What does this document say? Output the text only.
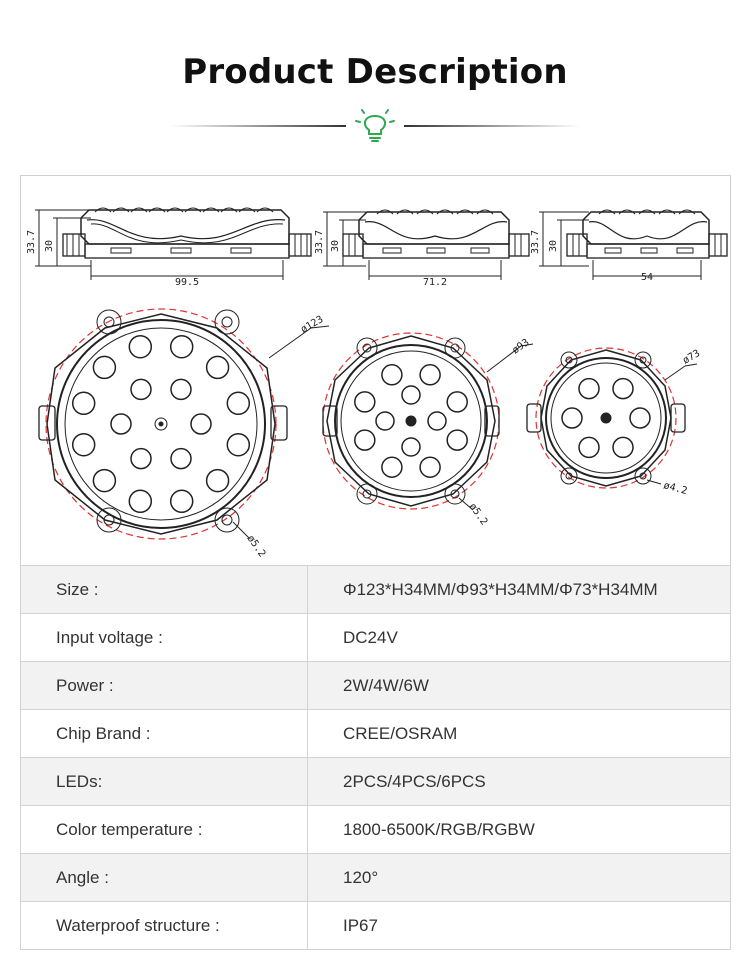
Product Description
33.7 30
99.5
33.7 30
71.2
33.7 30
54
ø123
ø5.2
ø93
ø5.2
ø73
ø4.2
Size :	Φ123*H34MM/Φ93*H34MM/Φ73*H34MM
Input voltage :	DC24V
Power :	2W/4W/6W
Chip Brand :	CREE/OSRAM
LEDs:	2PCS/4PCS/6PCS
Color temperature :	1800-6500K/RGB/RGBW
Angle :	120°
Waterproof structure :	IP67
